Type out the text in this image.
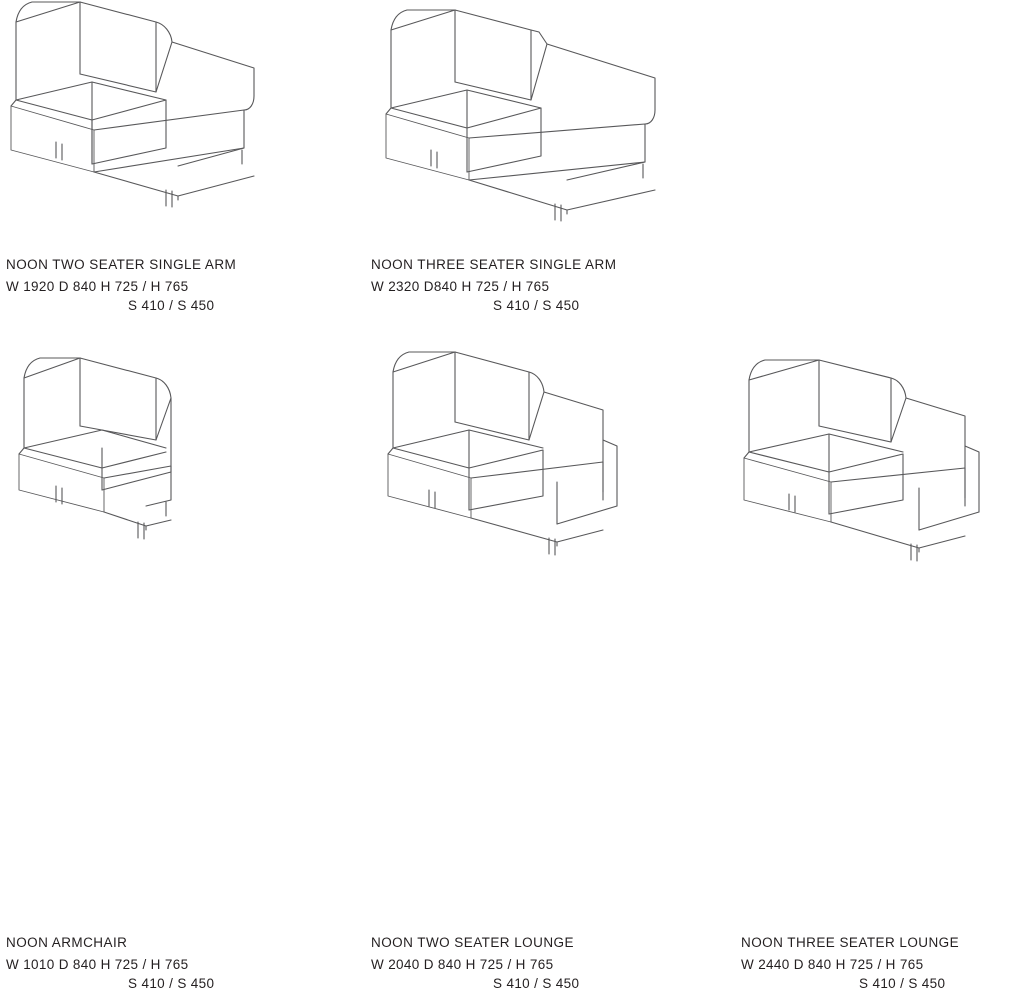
NOON TWO SEATER SINGLE ARM
W 1920 D 840 H 725 / H 765
S 410 / S 450
NOON THREE SEATER SINGLE ARM
W 2320 D840 H 725 / H 765
S 410 / S 450
NOON ARMCHAIR
W 1010 D 840 H 725 / H 765
S 410 / S 450
NOON TWO SEATER LOUNGE
W 2040 D 840 H 725 / H 765
S 410 / S 450
NOON THREE SEATER LOUNGE
W 2440 D 840 H 725 / H 765
S 410 / S 450
